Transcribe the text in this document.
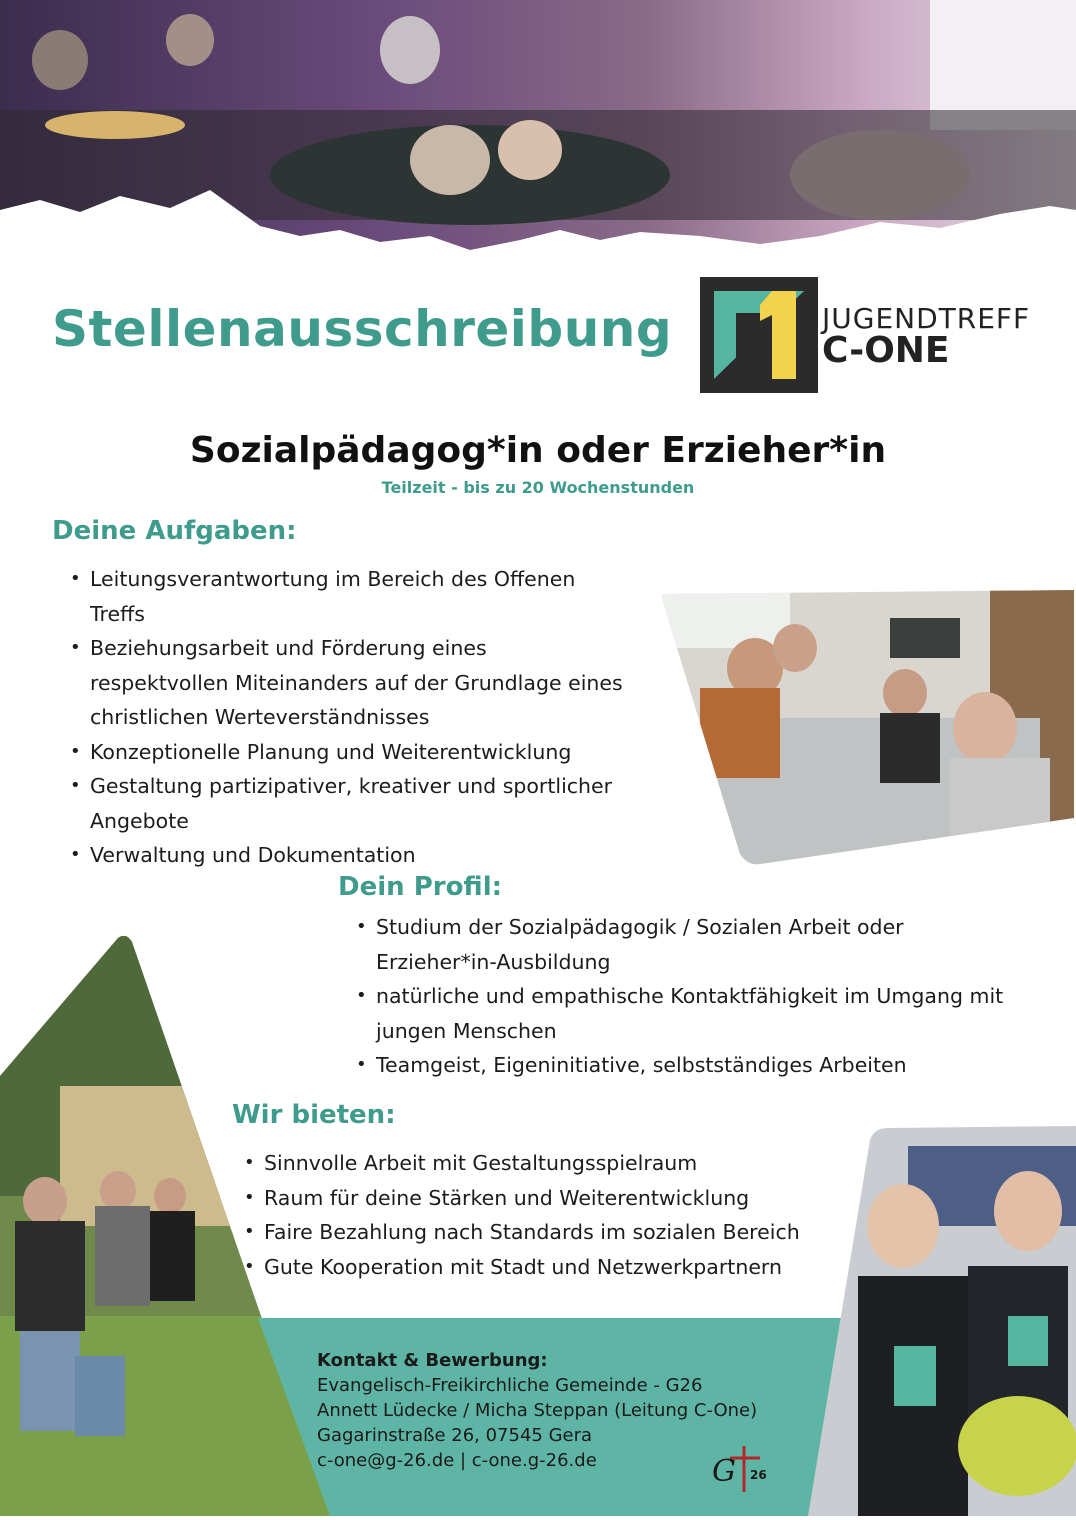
Stellenausschreibung	JUGENDTREFF
C-ONE
Sozialpädagog*in oder Erzieher*in
Teilzeit - bis zu 20 Wochenstunden
Deine Aufgaben:
• Leitungsverantwortung im Bereich des Offenen Treffs
• Beziehungsarbeit und Förderung eines respektvollen Miteinanders auf der Grundlage eines christlichen Werteverständnisses
• Konzeptionelle Planung und Weiterentwicklung
• Gestaltung partizipativer, kreativer und sportlicher Angebote
• Verwaltung und Dokumentation
Dein Profil:
• Studium der Sozialpädagogik / Sozialen Arbeit oder Erzieher*in-Ausbildung
• natürliche und empathische Kontaktfähigkeit im Umgang mit jungen Menschen
• Teamgeist, Eigeninitiative, selbstständiges Arbeiten
Wir bieten:
• Sinnvolle Arbeit mit Gestaltungsspielraum
• Raum für deine Stärken und Weiterentwicklung
• Faire Bezahlung nach Standards im sozialen Bereich
• Gute Kooperation mit Stadt und Netzwerkpartnern
Kontakt & Bewerbung:
Evangelisch-Freikirchliche Gemeinde - G26
Annett Lüdecke / Micha Steppan (Leitung C-One)
Gagarinstraße 26, 07545 Gera
c-one@g-26.de | c-one.g-26.de	G 26
